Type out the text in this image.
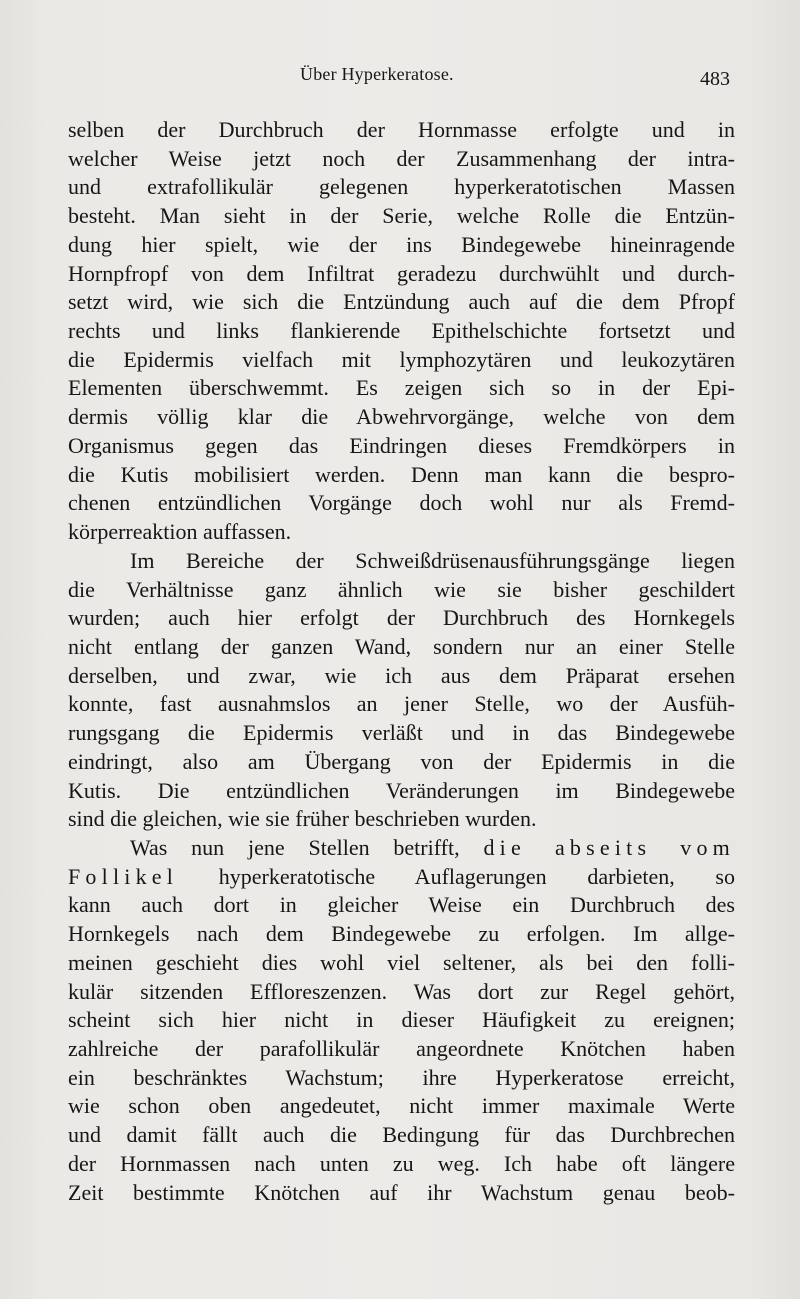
Über Hyperkeratose.	483
selben der Durchbruch der Hornmasse erfolgte und in
welcher Weise jetzt noch der Zusammenhang der intra-
und extrafollikulär gelegenen hyperkeratotischen Massen
besteht. Man sieht in der Serie, welche Rolle die Entzün-
dung hier spielt, wie der ins Bindegewebe hineinragende
Hornpfropf von dem Infiltrat geradezu durchwühlt und durch-
setzt wird, wie sich die Entzündung auch auf die dem Pfropf
rechts und links flankierende Epithelschichte fortsetzt und
die Epidermis vielfach mit lymphozytären und leukozytären
Elementen überschwemmt. Es zeigen sich so in der Epi-
dermis völlig klar die Abwehrvorgänge, welche von dem
Organismus gegen das Eindringen dieses Fremdkörpers in
die Kutis mobilisiert werden. Denn man kann die bespro-
chenen entzündlichen Vorgänge doch wohl nur als Fremd-
körperreaktion auffassen.
Im Bereiche der Schweißdrüsenausführungsgänge liegen
die Verhältnisse ganz ähnlich wie sie bisher geschildert
wurden; auch hier erfolgt der Durchbruch des Hornkegels
nicht entlang der ganzen Wand, sondern nur an einer Stelle
derselben, und zwar, wie ich aus dem Präparat ersehen
konnte, fast ausnahmslos an jener Stelle, wo der Ausfüh-
rungsgang die Epidermis verläßt und in das Bindegewebe
eindringt, also am Übergang von der Epidermis in die
Kutis. Die entzündlichen Veränderungen im Bindegewebe
sind die gleichen, wie sie früher beschrieben wurden.
Was nun jene Stellen betrifft, die abseits vom
Follikel hyperkeratotische Auflagerungen darbieten, so
kann auch dort in gleicher Weise ein Durchbruch des
Hornkegels nach dem Bindegewebe zu erfolgen. Im allge-
meinen geschieht dies wohl viel seltener, als bei den folli-
kulär sitzenden Effloreszenzen. Was dort zur Regel gehört,
scheint sich hier nicht in dieser Häufigkeit zu ereignen;
zahlreiche der parafollikulär angeordnete Knötchen haben
ein beschränktes Wachstum; ihre Hyperkeratose erreicht,
wie schon oben angedeutet, nicht immer maximale Werte
und damit fällt auch die Bedingung für das Durchbrechen
der Hornmassen nach unten zu weg. Ich habe oft längere
Zeit bestimmte Knötchen auf ihr Wachstum genau beob-
